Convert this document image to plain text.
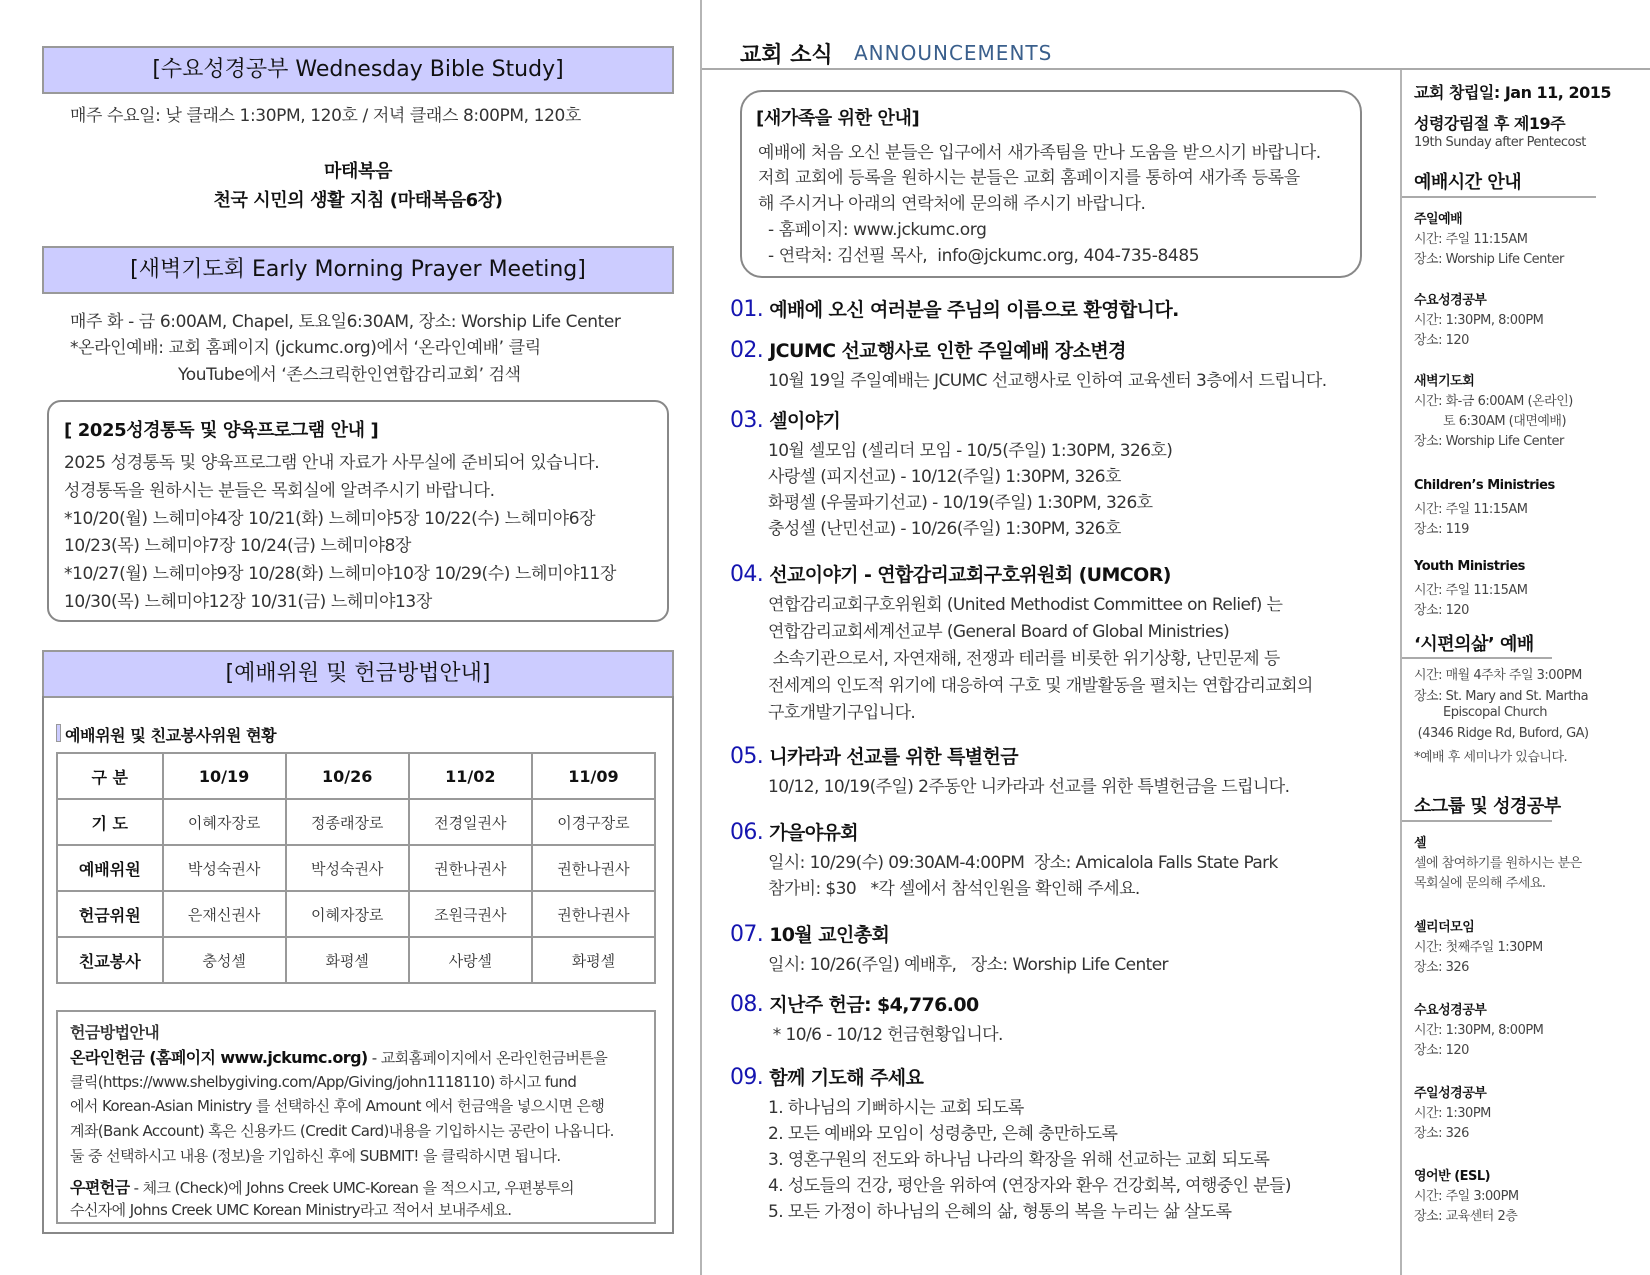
[수요성경공부 Wednesday Bible Study]
매주 수요일: 낮 클래스 1:30PM, 120호 / 저녁 클래스 8:00PM, 120호
마태복음
천국 시민의 생활 지침 (마태복음6장)
[새벽기도회 Early Morning Prayer Meeting]
매주 화 - 금 6:00AM, Chapel, 토요일6:30AM, 장소: Worship Life Center
*온라인예배: 교회 홈페이지 (jckumc.org)에서 ‘온라인예배’ 클릭
YouTube에서 ‘존스크릭한인연합감리교회’ 검색
[ 2025성경통독 및 양육프로그램 안내 ]
2025 성경통독 및 양육프로그램 안내 자료가 사무실에 준비되어 있습니다.
성경통독을 원하시는 분들은 목회실에 알려주시기 바랍니다.
*10/20(월) 느헤미야4장 10/21(화) 느헤미야5장 10/22(수) 느헤미야6장
10/23(목) 느헤미야7장 10/24(금) 느헤미야8장
*10/27(월) 느헤미야9장 10/28(화) 느헤미야10장 10/29(수) 느헤미야11장
10/30(목) 느헤미야12장 10/31(금) 느헤미야13장
[예배위원 및 헌금방법안내]
예배위원 및 친교봉사위원 현황
구 분	10/19	10/26	11/02	11/09
기 도	이혜자장로	정종래장로	전경일권사	이경구장로
예배위원	박성숙권사	박성숙권사	권한나권사	권한나권사
헌금위원	은재신권사	이혜자장로	조원극권사	권한나권사
친교봉사	충성셀	화평셀	사랑셀	화평셀
헌금방법안내
온라인헌금 (홈페이지 www.jckumc.org) - 교회홈페이지에서 온라인헌금버튼을
클릭(https://www.shelbygiving.com/App/Giving/john1118110) 하시고 fund
에서 Korean-Asian Ministry 를 선택하신 후에 Amount 에서 헌금액을 넣으시면 은행
계좌(Bank Account) 혹은 신용카드 (Credit Card)내용을 기입하시는 공란이 나옵니다.
둘 중 선택하시고 내용 (정보)을 기입하신 후에 SUBMIT! 을 클릭하시면 됩니다.
우편헌금 - 체크 (Check)에 Johns Creek UMC-Korean 을 적으시고, 우편봉투의
수신자에 Johns Creek UMC Korean Ministry라고 적어서 보내주세요.
교회 소식 ANNOUNCEMENTS
[새가족을 위한 안내]
예배에 처음 오신 분들은 입구에서 새가족팀을 만나 도움을 받으시기 바랍니다.
저희 교회에 등록을 원하시는 분들은 교회 홈페이지를 통하여 새가족 등록을
해 주시거나 아래의 연락처에 문의해 주시기 바랍니다.
- 홈페이지: www.jckumc.org
- 연락처: 김선필 목사,  info@jckumc.org, 404-735-8485
01. 예배에 오신 여러분을 주님의 이름으로 환영합니다.
02. JCUMC 선교행사로 인한 주일예배 장소변경
10월 19일 주일예배는 JCUMC 선교행사로 인하여 교육센터 3층에서 드립니다.
03. 셀이야기
10월 셀모임 (셀리더 모임 - 10/5(주일) 1:30PM, 326호)
사랑셀 (피지선교) - 10/12(주일) 1:30PM, 326호
화평셀 (우물파기선교) - 10/19(주일) 1:30PM, 326호
충성셀 (난민선교) - 10/26(주일) 1:30PM, 326호
04. 선교이야기 - 연합감리교회구호위원회 (UMCOR)
연합감리교회구호위원회 (United Methodist Committee on Relief) 는
연합감리교회세계선교부 (General Board of Global Ministries)
소속기관으로서, 자연재해, 전쟁과 테러를 비롯한 위기상황, 난민문제 등
전세계의 인도적 위기에 대응하여 구호 및 개발활동을 펼치는 연합감리교회의
구호개발기구입니다.
05. 니카라과 선교를 위한 특별헌금
10/12, 10/19(주일) 2주동안 니카라과 선교를 위한 특별헌금을 드립니다.
06. 가을야유회
일시: 10/29(수) 09:30AM-4:00PM  장소: Amicalola Falls State Park
참가비: $30   *각 셀에서 참석인원을 확인해 주세요.
07. 10월 교인총회
일시: 10/26(주일) 예배후,   장소: Worship Life Center
08. 지난주 헌금: $4,776.00
* 10/6 - 10/12 헌금현황입니다.
09. 함께 기도해 주세요
1. 하나님의 기뻐하시는 교회 되도록
2. 모든 예배와 모임이 성령충만, 은혜 충만하도록
3. 영혼구원의 전도와 하나님 나라의 확장을 위해 선교하는 교회 되도록
4. 성도들의 건강, 평안을 위하여 (연장자와 환우 건강회복, 여행중인 분들)
5. 모든 가정이 하나님의 은혜의 삶, 형통의 복을 누리는 삶 살도록
교회 창립일: Jan 11, 2015
성령강림절 후 제19주
19th Sunday after Pentecost
예배시간 안내
주일예배
시간: 주일 11:15AM
장소: Worship Life Center
수요성경공부
시간: 1:30PM, 8:00PM
장소: 120
새벽기도회
시간: 화-금 6:00AM (온라인)
토 6:30AM (대면예배)
장소: Worship Life Center
Children’s Ministries
시간: 주일 11:15AM
장소: 119
Youth Ministries
시간: 주일 11:15AM
장소: 120
‘시편의삶’ 예배
시간: 매월 4주차 주일 3:00PM
장소: St. Mary and St. Martha
Episcopal Church
(4346 Ridge Rd, Buford, GA)
*예배 후 세미나가 있습니다.
소그룹 및 성경공부
셀
셀에 참여하기를 원하시는 분은
목회실에 문의해 주세요.
셀리더모임
시간: 첫째주일 1:30PM
장소: 326
수요성경공부
시간: 1:30PM, 8:00PM
장소: 120
주일성경공부
시간: 1:30PM
장소: 326
영어반 (ESL)
시간: 주일 3:00PM
장소: 교육센터 2층
